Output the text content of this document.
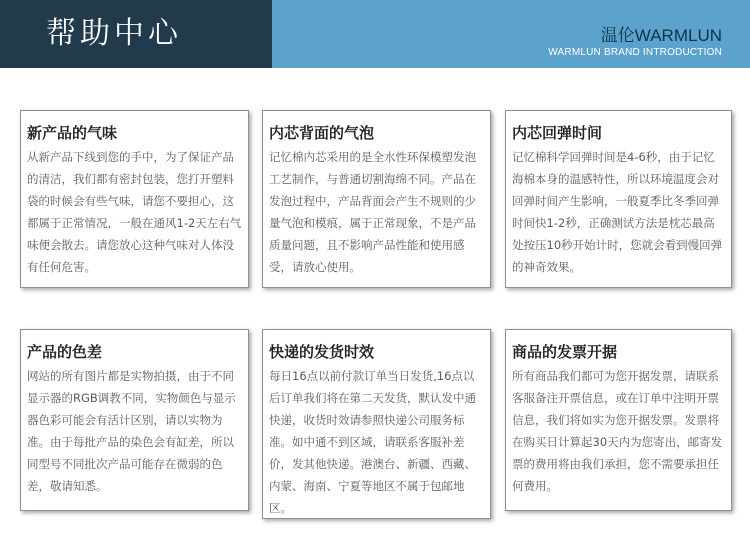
帮助中心	温伦WARMLUN
WARMLUN BRAND INTRODUCTION
新产品的气味
从新产品下线到您的手中，为了保证产品的清洁，我们都有密封包装，您打开塑料袋的时候会有些气味，请您不要担心，这都属于正常情况，一般在通风1-2天左右气味便会散去。请您放心这种气味对人体没有任何危害。
内芯背面的气泡
记忆棉内芯采用的是全水性环保模塑发泡工艺制作，与普通切割海绵不同。产品在发泡过程中，产品背面会产生不规则的少量气泡和模痕，属于正常现象，不是产品质量问题，且不影响产品性能和使用感受，请放心使用。
内芯回弹时间
记忆棉科学回弹时间是4-6秒，由于记忆海棉本身的温感特性，所以环境温度会对回弹时间产生影响，一般夏季比冬季回弹时间快1-2秒，正确测试方法是枕芯最高处按压10秒开始计时，您就会看到慢回弹的神奇效果。
产品的色差
网站的所有图片都是实物拍摄，由于不同显示器的RGB调教不同，实物颜色与显示器色彩可能会有活计区别，请以实物为准。由于每批产品的染色会有缸差，所以同型号不同批次产品可能存在微弱的色差，敬请知悉。
快递的发货时效
每日16点以前付款订单当日发货,16点以后订单我们将在第二天发货，默认发中通快递，收货时效请参照快递公司服务标准。如中通不到区域，请联系客服补差价，发其他快递。港澳台、新疆、西藏、内蒙、海南、宁夏等地区不属于包邮地区。
商品的发票开据
所有商品我们都可为您开据发票，请联系客服备注开票信息，或在订单中注明开票信息，我们将如实为您开据发票。发票将在购买日计算起30天内为您寄出，邮寄发票的费用将由我们承担，您不需要承担任何费用。
